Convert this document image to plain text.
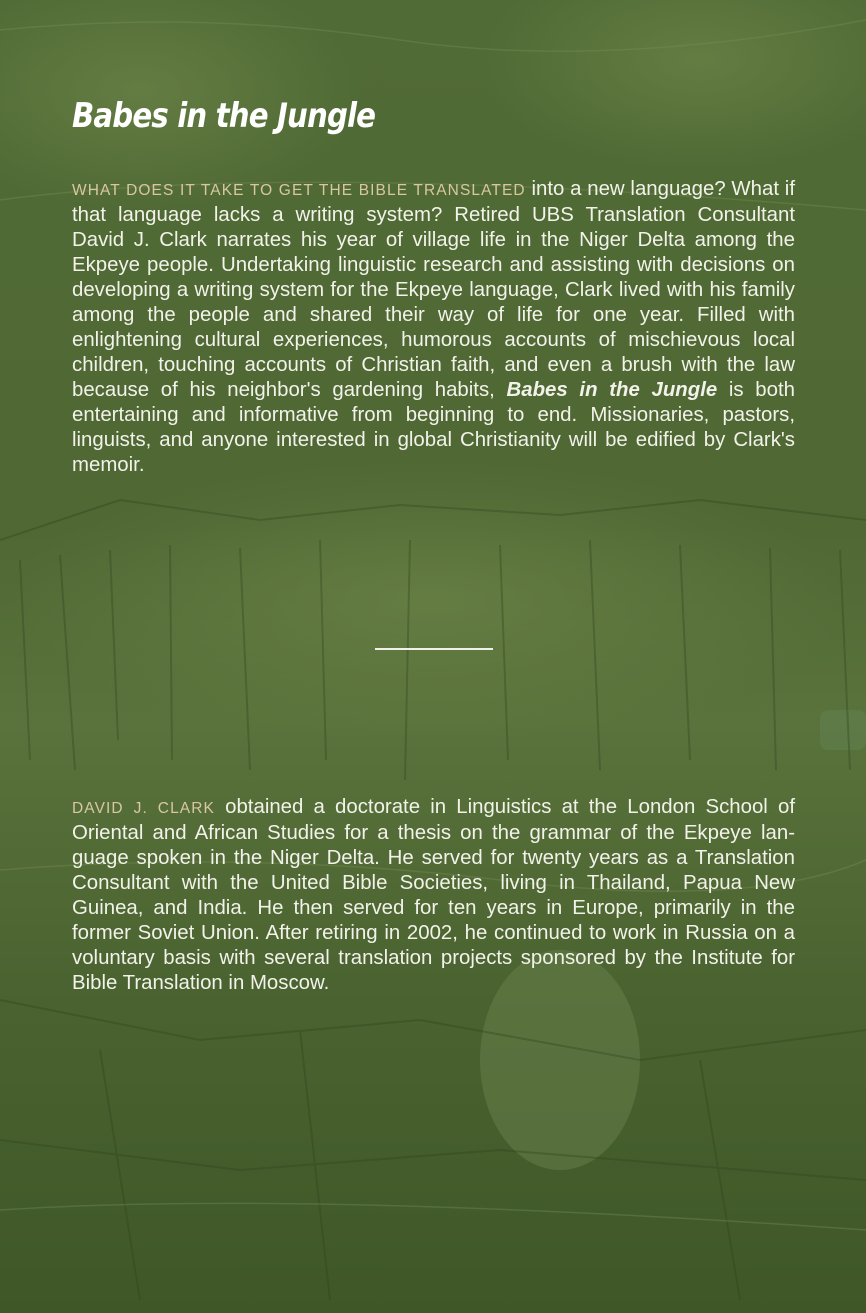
Babes in the Jungle

WHAT DOES IT TAKE TO GET THE BIBLE TRANSLATED into a new language? What if that language lacks a writing system? Retired UBS Translation Consultant David J. Clark narrates his year of village life in the Niger Delta among the Ekpeye people. Undertaking linguistic research and assisting with decisions on developing a writing system for the Ekpeye language, Clark lived with his family among the people and shared their way of life for one year. Filled with enlightening cultural experiences, humorous accounts of mischievous local children, touching accounts of Christian faith, and even a brush with the law because of his neighbor's gardening habits, Babes in the Jungle is both entertaining and informative from beginning to end. Missionaries, pastors, linguists, and anyone interested in global Christianity will be edified by Clark's memoir.

DAVID J. CLARK obtained a doctorate in Linguistics at the London School of Oriental and African Studies for a thesis on the grammar of the Ekpeye language spoken in the Niger Delta. He served for twenty years as a Translation Consultant with the United Bible Societies, living in Thailand, Papua New Guinea, and India. He then served for ten years in Europe, primarily in the former Soviet Union. After retiring in 2002, he continued to work in Russia on a voluntary basis with several translation projects sponsored by the Institute for Bible Translation in Moscow.
